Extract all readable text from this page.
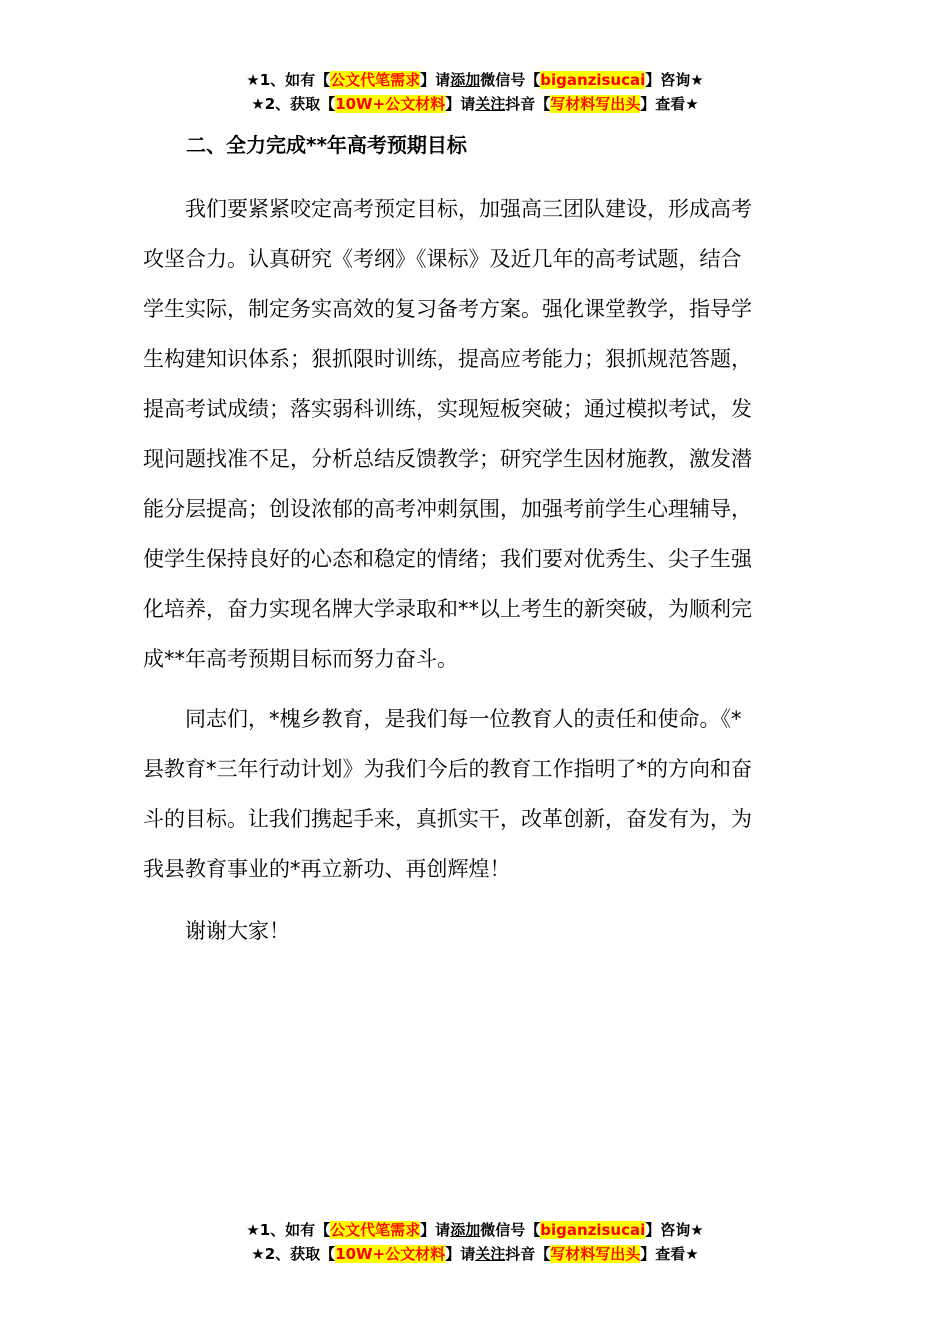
★1、如有【公文代笔需求】请添加微信号【biganzisucai】咨询★
★2、获取【10W+公文材料】请关注抖音【写材料写出头】查看★
二、全力完成**年高考预期目标
我们要紧紧咬定高考预定目标，加强高三团队建设，形成高考
攻坚合力。认真研究《考纲》《课标》及近几年的高考试题，结合
学生实际，制定务实高效的复习备考方案。强化课堂教学，指导学
生构建知识体系；狠抓限时训练，提高应考能力；狠抓规范答题，
提高考试成绩；落实弱科训练，实现短板突破；通过模拟考试，发
现问题找准不足，分析总结反馈教学；研究学生因材施教，激发潜
能分层提高；创设浓郁的高考冲刺氛围，加强考前学生心理辅导，
使学生保持良好的心态和稳定的情绪；我们要对优秀生、尖子生强
化培养，奋力实现名牌大学录取和**以上考生的新突破，为顺利完
成**年高考预期目标而努力奋斗。
同志们，*槐乡教育，是我们每一位教育人的责任和使命。《*
县教育*三年行动计划》为我们今后的教育工作指明了*的方向和奋
斗的目标。让我们携起手来，真抓实干，改革创新，奋发有为，为
我县教育事业的*再立新功、再创辉煌！
谢谢大家！
★1、如有【公文代笔需求】请添加微信号【biganzisucai】咨询★
★2、获取【10W+公文材料】请关注抖音【写材料写出头】查看★
